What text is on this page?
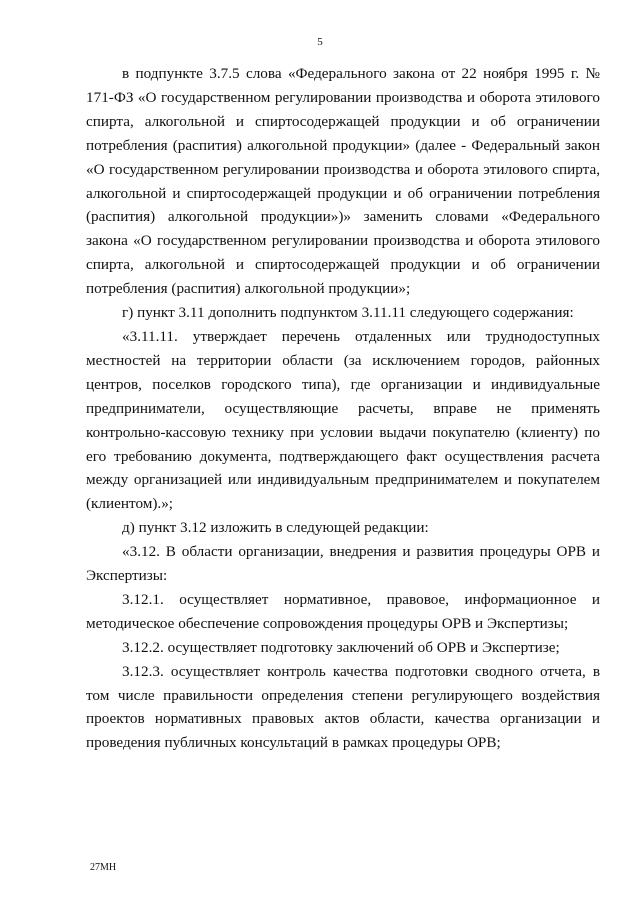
5

в подпункте 3.7.5 слова «Федерального закона от 22 ноября 1995 г. № 171-ФЗ «О государственном регулировании производства и оборота этилового спирта, алкогольной и спиртосодержащей продукции и об ограничении потребления (распития) алкогольной продукции» (далее - Федеральный закон «О государственном регулировании производства и оборота этилового спирта, алкогольной и спиртосодержащей продукции и об ограничении потребления (распития) алкогольной продукции»)» заменить словами «Федерального закона «О государственном регулировании производства и оборота этилового спирта, алкогольной и спиртосодержащей продукции и об ограничении потребления (распития) алкогольной продукции»;

г) пункт 3.11 дополнить подпунктом 3.11.11 следующего содержания:

«3.11.11. утверждает перечень отдаленных или труднодоступных местностей на территории области (за исключением городов, районных центров, поселков городского типа), где организации и индивидуальные предприниматели, осуществляющие расчеты, вправе не применять контрольно-кассовую технику при условии выдачи покупателю (клиенту) по его требованию документа, подтверждающего факт осуществления расчета между организацией или индивидуальным предпринимателем и покупателем (клиентом).»;

д) пункт 3.12 изложить в следующей редакции:

«3.12. В области организации, внедрения и развития процедуры ОРВ и Экспертизы:

3.12.1. осуществляет нормативное, правовое, информационное и методическое обеспечение сопровождения процедуры ОРВ и Экспертизы;

3.12.2. осуществляет подготовку заключений об ОРВ и Экспертизе;

3.12.3. осуществляет контроль качества подготовки сводного отчета, в том числе правильности определения степени регулирующего воздействия проектов нормативных правовых актов области, качества организации и проведения публичных консультаций в рамках процедуры ОРВ;

27МН
